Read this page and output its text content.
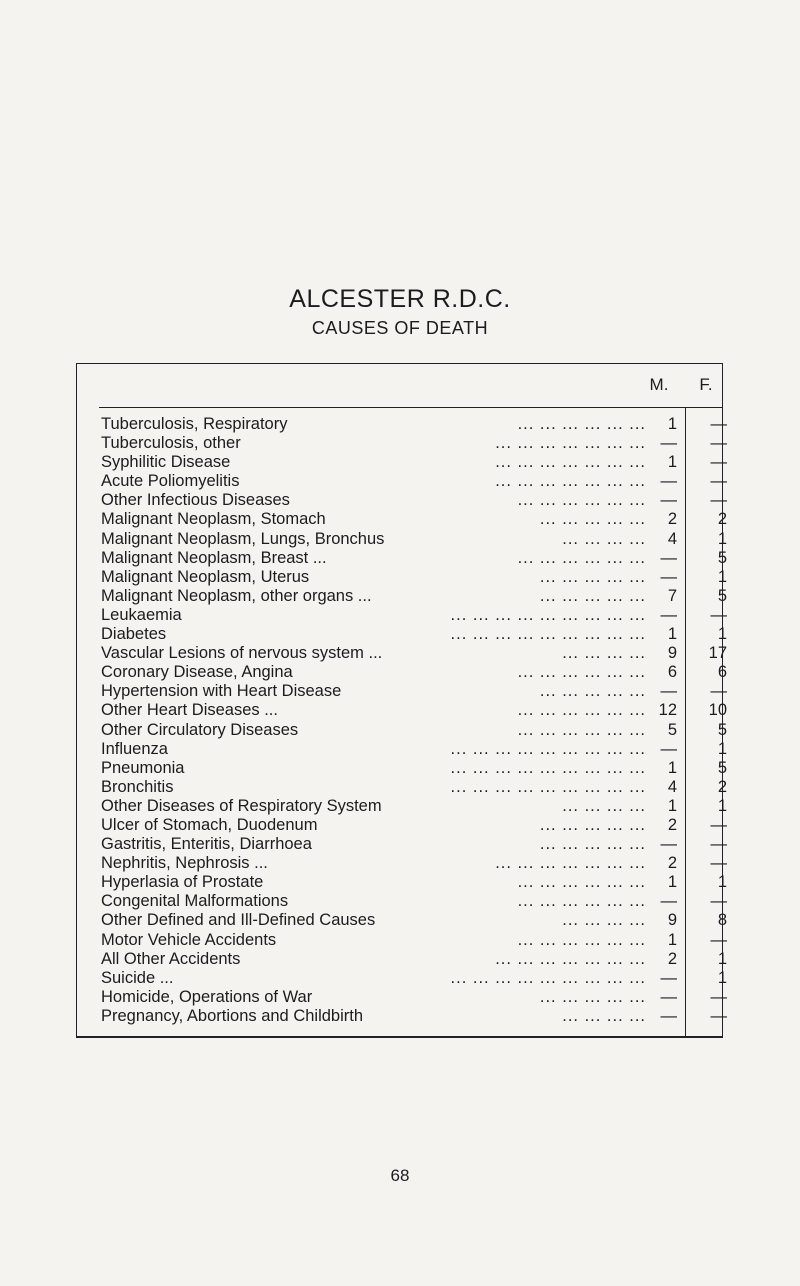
ALCESTER R.D.C.
CAUSES OF DEATH
M.	F.
Tuberculosis, Respiratory	... ... ... ... ... ...	1	—
Tuberculosis, other	... ... ... ... ... ... ... —	—
Syphilitic Disease	... ... ... ... ... ... ...	1	—
Acute Poliomyelitis	... ... ... ... ... ... ... —	—
Other Infectious Diseases	... ... ... ... ... ... —	—
Malignant Neoplasm, Stomach	... ... ... ... ...	2	2
Malignant Neoplasm, Lungs, Bronchus	... ... ... ...	4	1
Malignant Neoplasm, Breast ...	... ... ... ... ... ... —	5
Malignant Neoplasm, Uterus	... ... ... ... ... —	1
Malignant Neoplasm, other organs ...	... ... ... ... ...	7	5
Leukaemia	... ... ... ... ... ... ... ... ... —	—
Diabetes	... ... ... ... ... ... ... ... ...	1	1
Vascular Lesions of nervous system ...	... ... ... ...	9	17
Coronary Disease, Angina	... ... ... ... ... ...	6	6
Hypertension with Heart Disease	... ... ... ... ... —	—
Other Heart Diseases ...	... ... ... ... ... ... 12	10
Other Circulatory Diseases	... ... ... ... ... ...	5	5
Influenza	... ... ... ... ... ... ... ... ... —	1
Pneumonia	... ... ... ... ... ... ... ... ...	1	5
Bronchitis	... ... ... ... ... ... ... ... ...	4	2
Other Diseases of Respiratory System	... ... ... ...	1	1
Ulcer of Stomach, Duodenum	... ... ... ... ...	2	—
Gastritis, Enteritis, Diarrhoea	... ... ... ... ... —	—
Nephritis, Nephrosis ...	... ... ... ... ... ... ...	2	—
Hyperlasia of Prostate	... ... ... ... ... ...	1	1
Congenital Malformations	... ... ... ... ... ... —	—
Other Defined and Ill-Defined Causes	... ... ... ...	9	8
Motor Vehicle Accidents	... ... ... ... ... ...	1	—
All Other Accidents	... ... ... ... ... ... ...	2	1
Suicide ...	... ... ... ... ... ... ... ... ... —	1
Homicide, Operations of War	... ... ... ... ... —	—
Pregnancy, Abortions and Childbirth	... ... ... ... —	—
68
